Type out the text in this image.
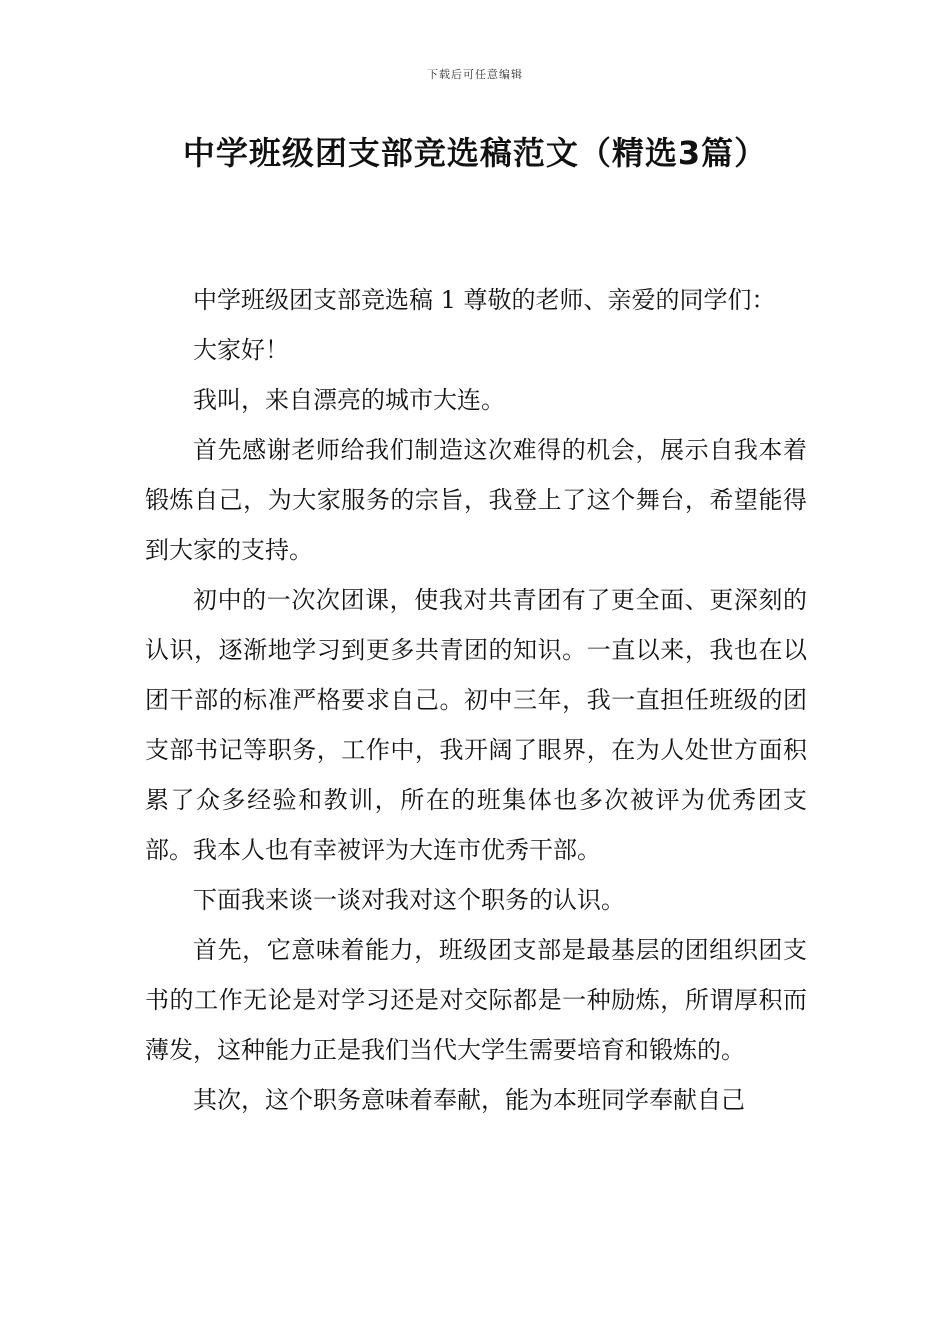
下载后可任意编辑
中学班级团支部竞选稿范文（精选3篇）

中学班级团支部竞选稿 1 尊敬的老师、亲爱的同学们：

大家好！

我叫，来自漂亮的城市大连。

首先感谢老师给我们制造这次难得的机会，展示自我本着锻炼自己，为大家服务的宗旨，我登上了这个舞台，希望能得到大家的支持。

初中的一次次团课，使我对共青团有了更全面、更深刻的认识，逐渐地学习到更多共青团的知识。一直以来，我也在以团干部的标准严格要求自己。初中三年，我一直担任班级的团支部书记等职务，工作中，我开阔了眼界，在为人处世方面积累了众多经验和教训，所在的班集体也多次被评为优秀团支部。我本人也有幸被评为大连市优秀干部。

下面我来谈一谈对我对这个职务的认识。

首先，它意味着能力，班级团支部是最基层的团组织团支书的工作无论是对学习还是对交际都是一种励炼，所谓厚积而薄发，这种能力正是我们当代大学生需要培育和锻炼的。

其次，这个职务意味着奉献，能为本班同学奉献自己
